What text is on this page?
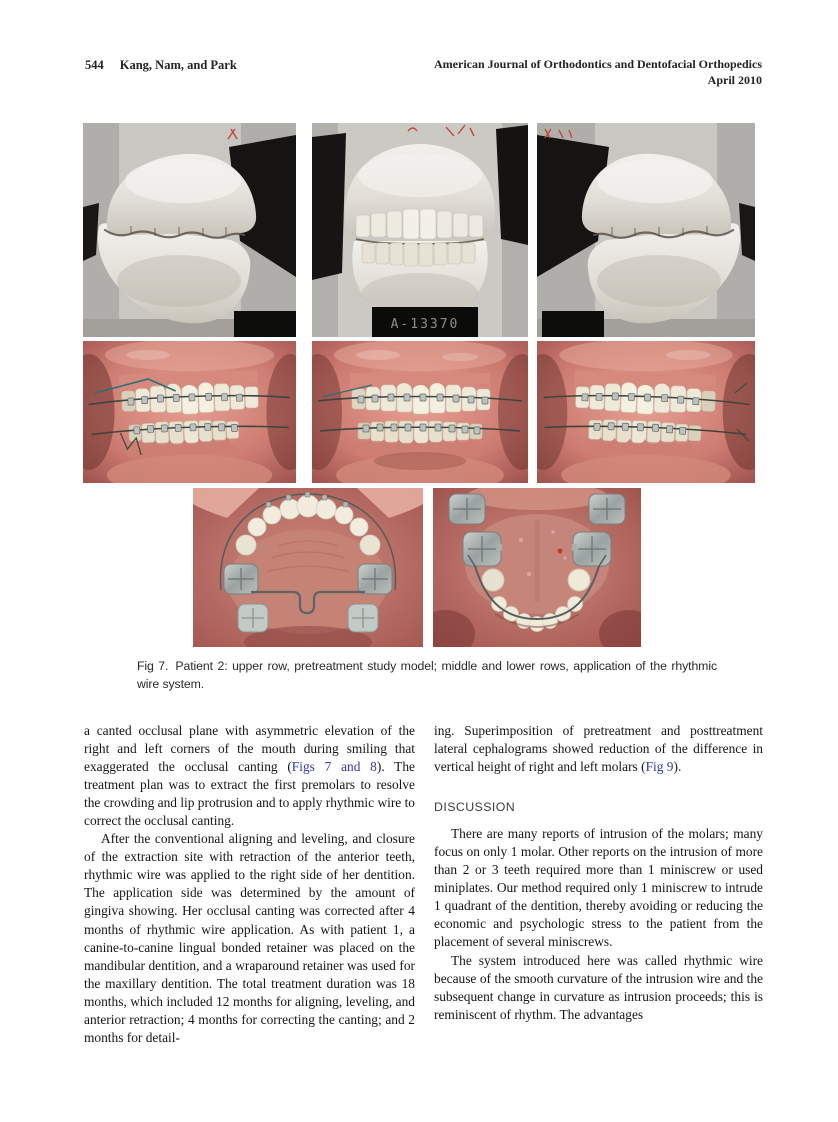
544 Kang, Nam, and Park	American Journal of Orthodontics and Dentofacial Orthopedics
April 2010
A-13370
Fig 7. Patient 2: upper row, pretreatment study model; middle and lower rows, application of the rhythmic wire system.

a canted occlusal plane with asymmetric elevation of the right and left corners of the mouth during smiling that exaggerated the occlusal canting (Figs 7 and 8). The treatment plan was to extract the first premolars to resolve the crowding and lip protrusion and to apply rhythmic wire to correct the occlusal canting.

After the conventional aligning and leveling, and closure of the extraction site with retraction of the anterior teeth, rhythmic wire was applied to the right side of her dentition. The application side was determined by the amount of gingiva showing. Her occlusal canting was corrected after 4 months of rhythmic wire application. As with patient 1, a canine-to-canine lingual bonded retainer was placed on the mandibular dentition, and a wraparound retainer was used for the maxillary dentition. The total treatment duration was 18 months, which included 12 months for aligning, leveling, and anterior retraction; 4 months for correcting the canting; and 2 months for detail-

ing. Superimposition of pretreatment and posttreatment lateral cephalograms showed reduction of the difference in vertical height of right and left molars (Fig 9).

DISCUSSION

There are many reports of intrusion of the molars; many focus on only 1 molar. Other reports on the intrusion of more than 2 or 3 teeth required more than 1 miniscrew or used miniplates. Our method required only 1 miniscrew to intrude 1 quadrant of the dentition, thereby avoiding or reducing the economic and psychologic stress to the patient from the placement of several miniscrews.

The system introduced here was called rhythmic wire because of the smooth curvature of the intrusion wire and the subsequent change in curvature as intrusion proceeds; this is reminiscent of rhythm. The advantages
